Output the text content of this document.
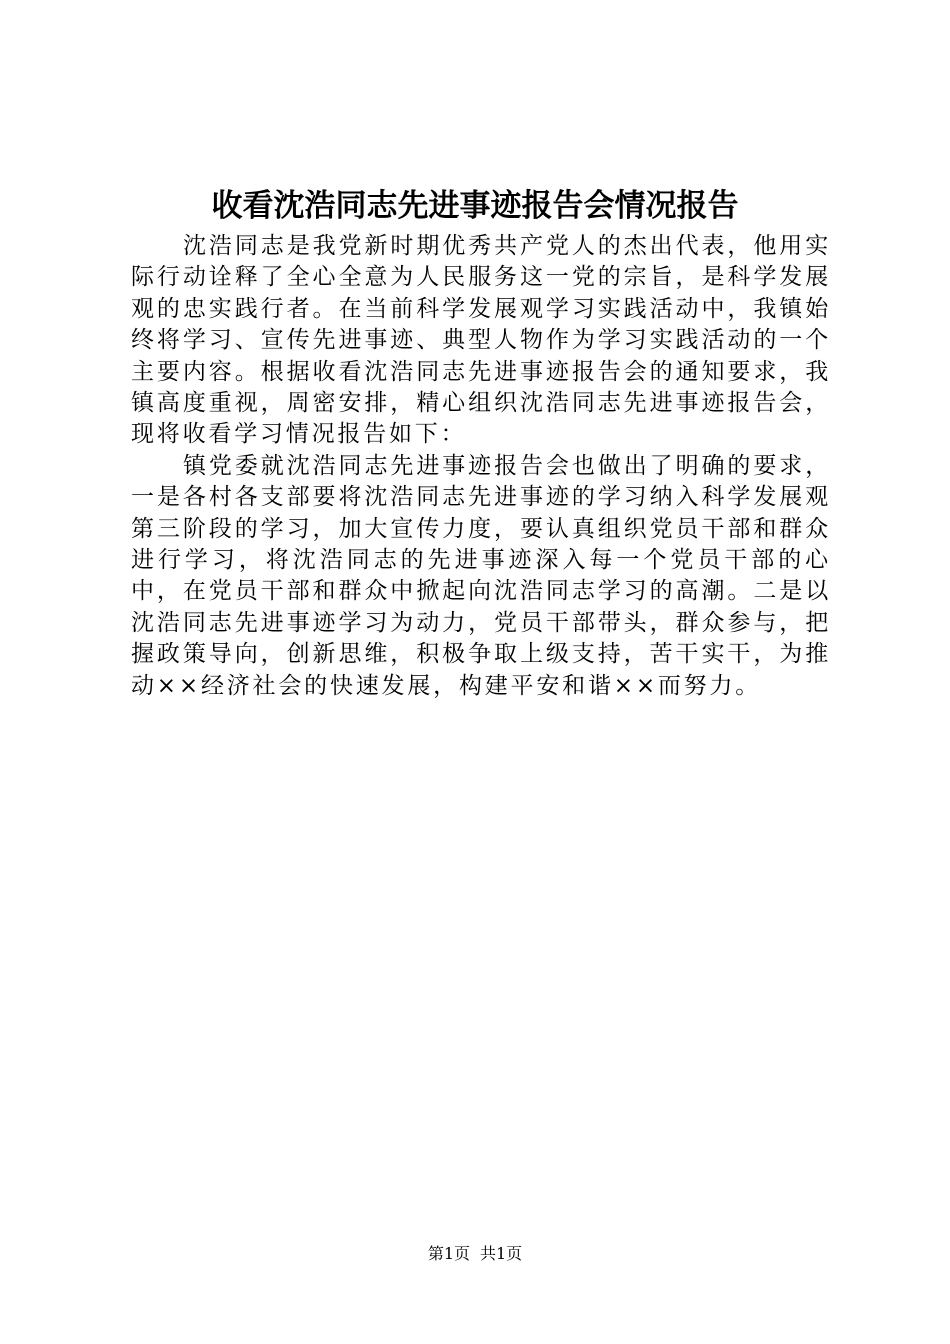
收看沈浩同志先进事迹报告会情况报告

沈浩同志是我党新时期优秀共产党人的杰出代表，他用实际行动诠释了全心全意为人民服务这一党的宗旨，是科学发展观的忠实践行者。在当前科学发展观学习实践活动中，我镇始终将学习、宣传先进事迹、典型人物作为学习实践活动的一个主要内容。根据收看沈浩同志先进事迹报告会的通知要求，我镇高度重视，周密安排，精心组织沈浩同志先进事迹报告会，现将收看学习情况报告如下：

镇党委就沈浩同志先进事迹报告会也做出了明确的要求，一是各村各支部要将沈浩同志先进事迹的学习纳入科学发展观第三阶段的学习，加大宣传力度，要认真组织党员干部和群众进行学习，将沈浩同志的先进事迹深入每一个党员干部的心中，在党员干部和群众中掀起向沈浩同志学习的高潮。二是以沈浩同志先进事迹学习为动力，党员干部带头，群众参与，把握政策导向，创新思维，积极争取上级支持，苦干实干，为推动××经济社会的快速发展，构建平安和谐××而努力。

第1页 共1页
